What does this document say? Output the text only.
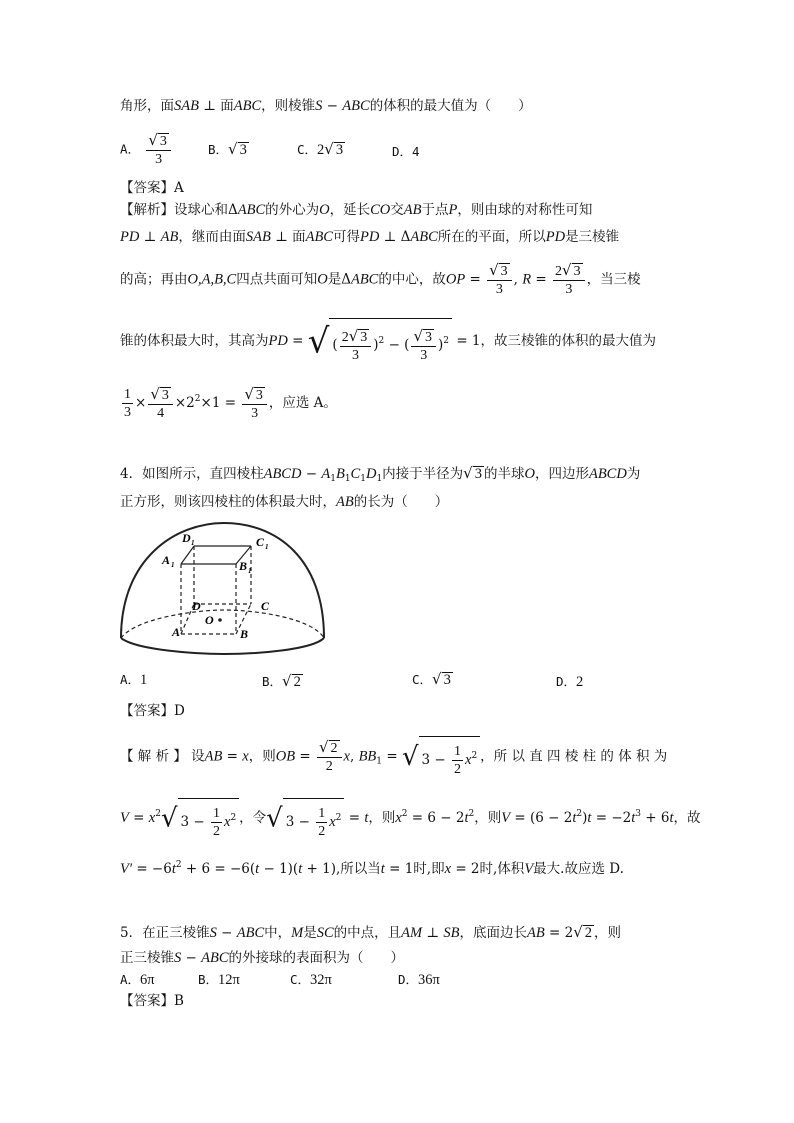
角形，面SAB ⊥ 面ABC，则棱锥S − ABC的体积的最大值为（　　）
A． $\frac{√ 3}{3}$	B．√ 3	C．2√ 3	D．4
【答案】A
【解析】设球心和ΔABC的外心为O，延长CO交AB于点P，则由球的对称性可知
PD ⊥ AB，继而由面SAB ⊥ 面ABC可得PD ⊥ ΔABC所在的平面，所以PD是三棱锥
的高；再由O,A,B,C四点共面可知O是ΔABC的中心，故OP = $\frac{√ 3}{3}$ , $R = \frac{2√ 3}{3}$ ，当三棱
锥的体积最大时，其高为PD = √ ( $\frac{2√ 3}{3} )^2$ − ( $\frac{√ 3}{3} )^2 = 1$，故三棱锥的体积的最大值为
$\frac{1}{3} \times \frac{√ 3}{4} \times 2^2\times 1 = \frac{√ 3}{3}$ ，应选 A。
4．如图所示，直四棱柱ABCD − $A_1B_1C_1D_1$内接于半径为√ 3 的半球O，四边形ABCD为
正方形，则该四棱柱的体积最大时，AB的长为（　　）
D 1	C 1
A 1	B 1
D	C
A
O
B
A．1	B．√ 2	C．√ 3	D．2
【答案】D
【 解 析 】 设AB = x，则OB = $\frac{√ 2}{2} x$, $BB_1$ = √ $3 - \frac{1}{2} x^2$ ，所 以 直 四 棱 柱 的 体 积 为
$V = x^2√$ $3 - \frac{1}{2} x^2$ ，令√ $3 - \frac{1}{2} x^2 = t$，则$x^2 = 6 - 2t^2$，则$V = (6 - 2t^2)t = -2t^3 + 6t$，故
$V' = -6t^2 + 6 = -6(t - 1)(t + 1)$,所以当t = 1时,即x = 2时,体积V最大.故应选 D.
5．在正三棱锥S − ABC中，M是SC的中点，且AM ⊥ SB，底面边长AB = 2√ 2 ，则
正三棱锥S − ABC的外接球的表面积为（　　）
A．6π	B．12π	C．32π	D．36π
【答案】B
